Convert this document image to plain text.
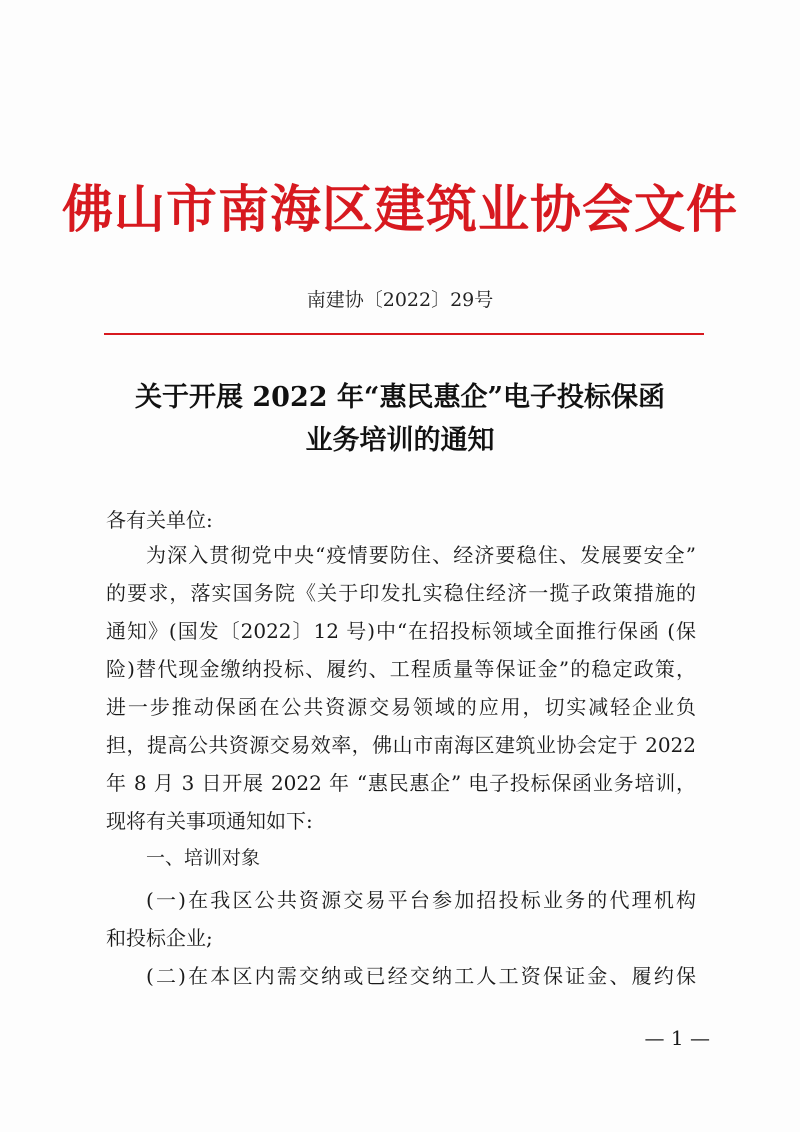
佛山市南海区建筑业协会文件
南建协〔2022〕29号
关于开展 2022 年“惠民惠企”电子投标保函
业务培训的通知
各有关单位:
为深入贯彻党中央“疫情要防住、经济要稳住、发展要安全”
的要求，落实国务院《关于印发扎实稳住经济一揽子政策措施的
通知》(国发〔2022〕12 号)中“在招投标领域全面推行保函 (保
险)替代现金缴纳投标、履约、工程质量等保证金”的稳定政策，
进一步推动保函在公共资源交易领域的应用，切实减轻企业负
担，提高公共资源交易效率，佛山市南海区建筑业协会定于 2022
年 8 月 3 日开展 2022 年 “惠民惠企” 电子投标保函业务培训，
现将有关事项通知如下:
一、培训对象
(一)在我区公共资源交易平台参加招投标业务的代理机构
和投标企业;
(二)在本区内需交纳或已经交纳工人工资保证金、履约保
— 1 —
